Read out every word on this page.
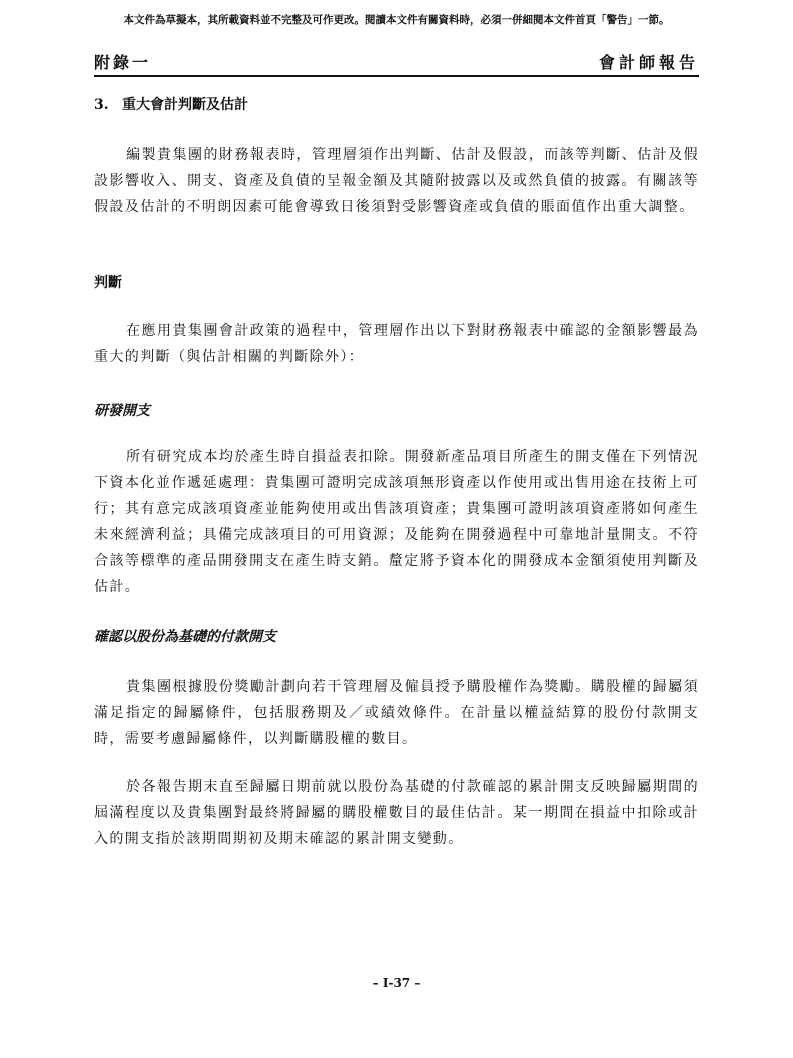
本文件為草擬本，其所載資料並不完整及可作更改。閱讀本文件有關資料時，必須一併細閱本文件首頁「警告」一節。
附錄一	會計師報告
3. 重大會計判斷及估計
編製貴集團的財務報表時，管理層須作出判斷、估計及假設，而該等判斷、估計及假設影響收入、開支、資產及負債的呈報金額及其隨附披露以及或然負債的披露。有關該等假設及估計的不明朗因素可能會導致日後須對受影響資產或負債的賬面值作出重大調整。
判斷
在應用貴集團會計政策的過程中，管理層作出以下對財務報表中確認的金額影響最為重大的判斷（與估計相關的判斷除外）：
研發開支
所有研究成本均於產生時自損益表扣除。開發新產品項目所產生的開支僅在下列情況下資本化並作遞延處理：貴集團可證明完成該項無形資產以作使用或出售用途在技術上可行；其有意完成該項資產並能夠使用或出售該項資產；貴集團可證明該項資產將如何產生未來經濟利益；具備完成該項目的可用資源；及能夠在開發過程中可靠地計量開支。不符合該等標準的產品開發開支在產生時支銷。釐定將予資本化的開發成本金額須使用判斷及估計。
確認以股份為基礎的付款開支
貴集團根據股份獎勵計劃向若干管理層及僱員授予購股權作為獎勵。購股權的歸屬須滿足指定的歸屬條件，包括服務期及／或績效條件。在計量以權益結算的股份付款開支時，需要考慮歸屬條件，以判斷購股權的數目。
於各報告期末直至歸屬日期前就以股份為基礎的付款確認的累計開支反映歸屬期間的屆滿程度以及貴集團對最終將歸屬的購股權數目的最佳估計。某一期間在損益中扣除或計入的開支指於該期間期初及期末確認的累計開支變動。
– I-37 –
